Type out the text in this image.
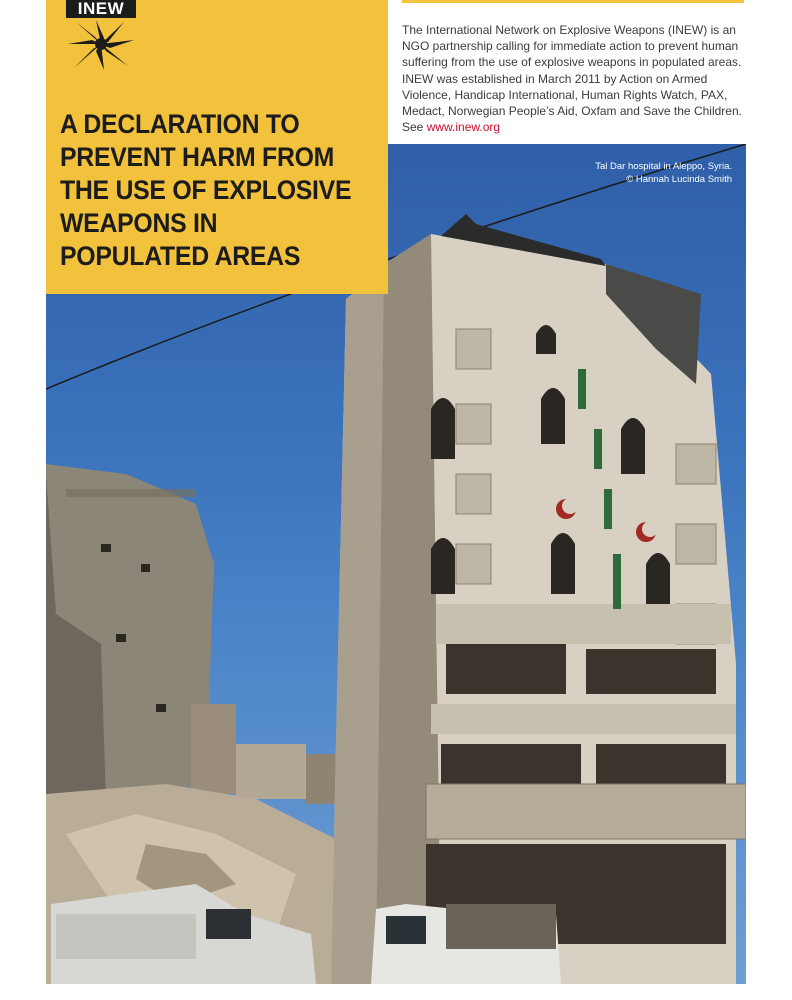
Tal Dar hospital in Aleppo, Syria.
© Hannah Lucinda Smith
INEW
A DECLARATION TO PREVENT HARM FROM THE USE OF EXPLOSIVE WEAPONS IN POPULATED AREAS
The International Network on Explosive Weapons (INEW) is an NGO partnership calling for immediate action to prevent human suffering from the use of explosive weapons in populated areas. INEW was established in March 2011 by Action on Armed Violence, Handicap International, Human Rights Watch, PAX, Medact, Norwegian People’s Aid, Oxfam and Save the Children. See www.inew.org
